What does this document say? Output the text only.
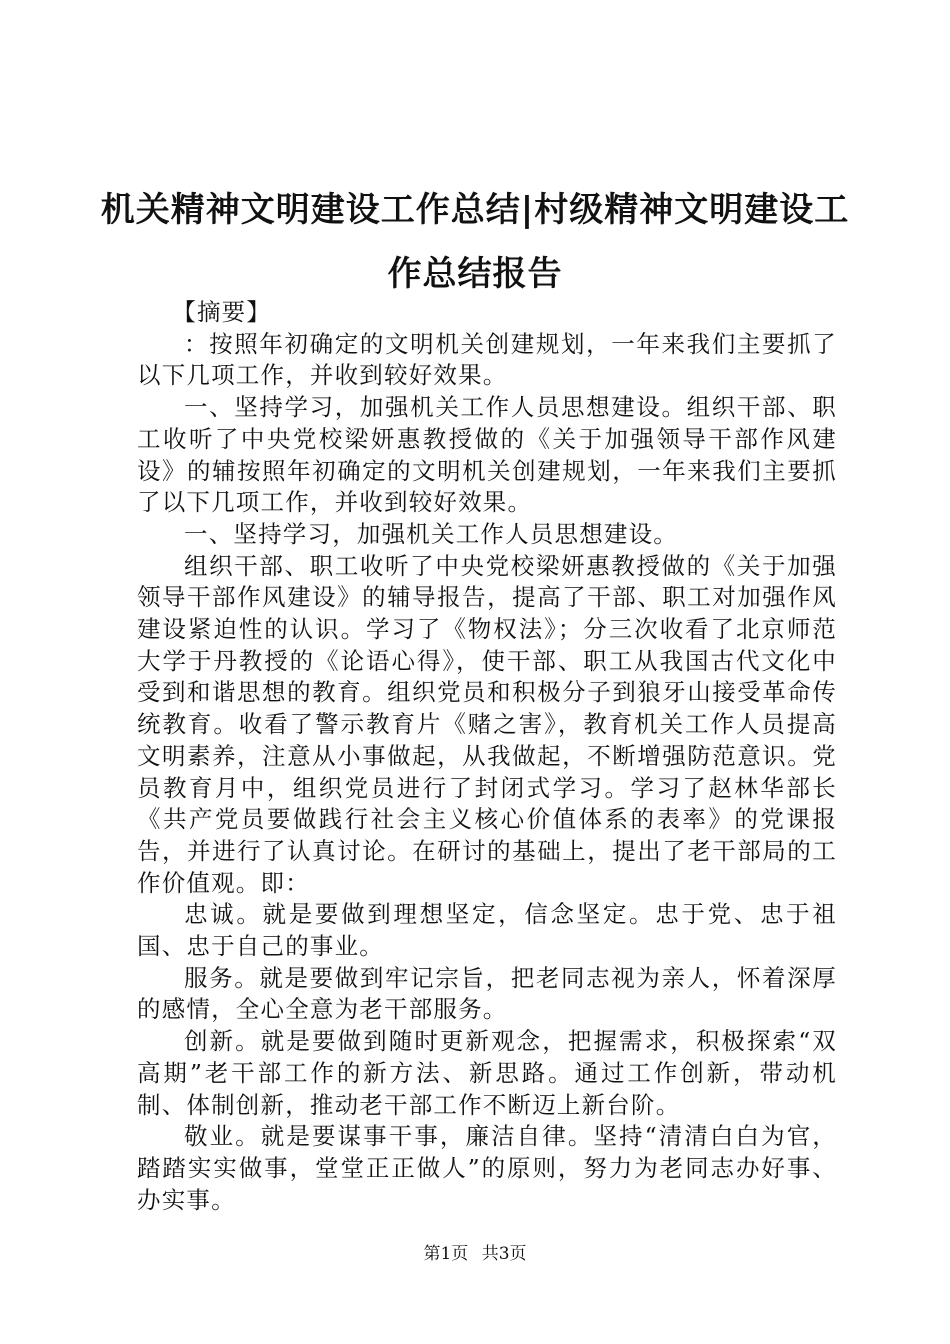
机关精神文明建设工作总结|村级精神文明建设工作总结报告

【摘要】

：按照年初确定的文明机关创建规划，一年来我们主要抓了以下几项工作，并收到较好效果。

一、坚持学习，加强机关工作人员思想建设。组织干部、职工收听了中央党校梁妍惠教授做的《关于加强领导干部作风建设》的辅按照年初确定的文明机关创建规划，一年来我们主要抓了以下几项工作，并收到较好效果。

一、坚持学习，加强机关工作人员思想建设。

组织干部、职工收听了中央党校梁妍惠教授做的《关于加强领导干部作风建设》的辅导报告，提高了干部、职工对加强作风建设紧迫性的认识。学习了《物权法》；分三次收看了北京师范大学于丹教授的《论语心得》，使干部、职工从我国古代文化中受到和谐思想的教育。组织党员和积极分子到狼牙山接受革命传统教育。收看了警示教育片《赌之害》，教育机关工作人员提高文明素养，注意从小事做起，从我做起，不断增强防范意识。党员教育月中，组织党员进行了封闭式学习。学习了赵林华部长《共产党员要做践行社会主义核心价值体系的表率》的党课报告，并进行了认真讨论。在研讨的基础上，提出了老干部局的工作价值观。即：

忠诚。就是要做到理想坚定，信念坚定。忠于党、忠于祖国、忠于自己的事业。

服务。就是要做到牢记宗旨，把老同志视为亲人，怀着深厚的感情，全心全意为老干部服务。

创新。就是要做到随时更新观念，把握需求，积极探索“双高期”老干部工作的新方法、新思路。通过工作创新，带动机制、体制创新，推动老干部工作不断迈上新台阶。

敬业。就是要谋事干事，廉洁自律。坚持“清清白白为官，踏踏实实做事，堂堂正正做人”的原则，努力为老同志办好事、办实事。

第1页 共3页
